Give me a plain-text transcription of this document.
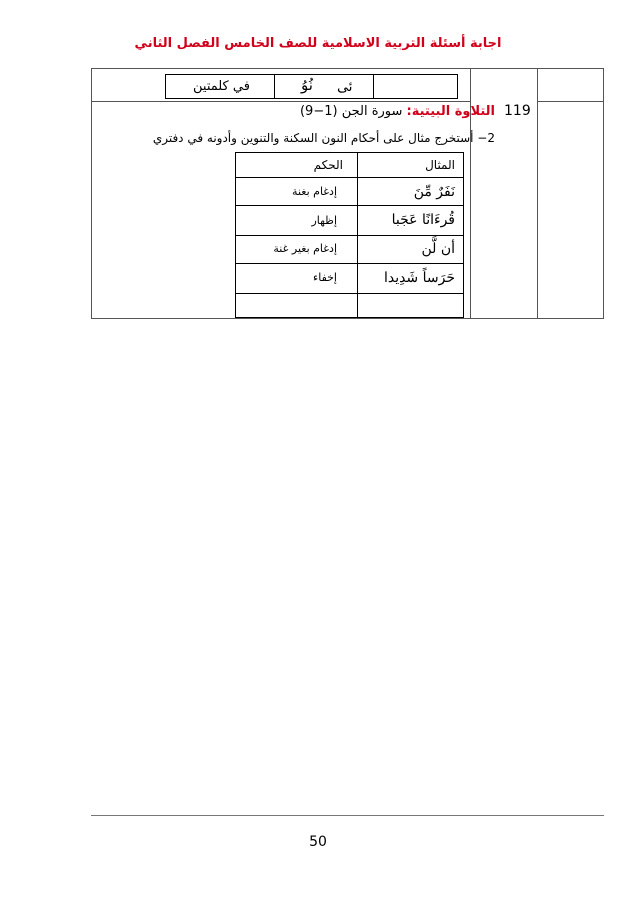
اجابة أسئلة التربية الاسلامية للصف الخامس الفصل الثاني
في كلمتين	نُوُ ئى
119
التلاوة البيتية: سورة الجن (1−9)
2− أستخرج مثال على أحكام النون السكنة والتنوين وأدونه في دفتري
المثال
الحكم
نَفَرٌ مِّنَ
إدغام بغنة
قُرءَانًا عَجَبا
إظهار
أن لَّن
إدغام بغير غنة
حَرَساً شَدِيدا
إخفاء
50
